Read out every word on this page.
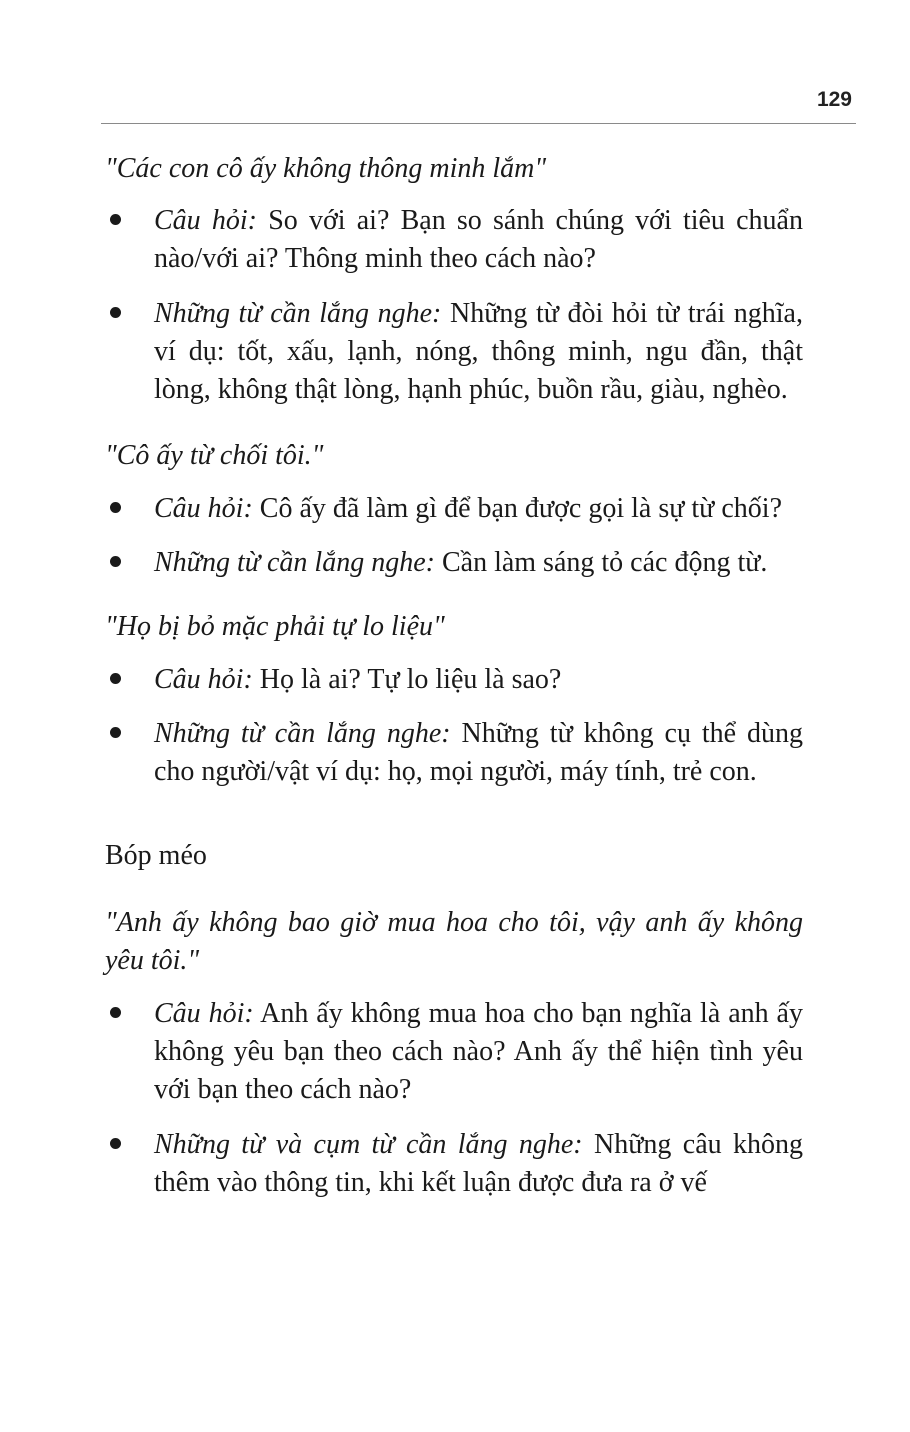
129

"Các con cô ấy không thông minh lắm"

Câu hỏi: So với ai? Bạn so sánh chúng với tiêu chuẩn nào/với ai? Thông minh theo cách nào?
Những từ cần lắng nghe: Những từ đòi hỏi từ trái nghĩa, ví dụ: tốt, xấu, lạnh, nóng, thông minh, ngu đần, thật lòng, không thật lòng, hạnh phúc, buồn rầu, giàu, nghèo.

"Cô ấy từ chối tôi."

Câu hỏi: Cô ấy đã làm gì để bạn được gọi là sự từ chối?
Những từ cần lắng nghe: Cần làm sáng tỏ các động từ.

"Họ bị bỏ mặc phải tự lo liệu"

Câu hỏi: Họ là ai? Tự lo liệu là sao?
Những từ cần lắng nghe: Những từ không cụ thể dùng cho người/vật ví dụ: họ, mọi người, máy tính, trẻ con.
Bóp méo

"Anh ấy không bao giờ mua hoa cho tôi, vậy anh ấy không yêu tôi."

Câu hỏi: Anh ấy không mua hoa cho bạn nghĩa là anh ấy không yêu bạn theo cách nào? Anh ấy thể hiện tình yêu với bạn theo cách nào?
Những từ và cụm từ cần lắng nghe: Những câu không thêm vào thông tin, khi kết luận được đưa ra ở vế
